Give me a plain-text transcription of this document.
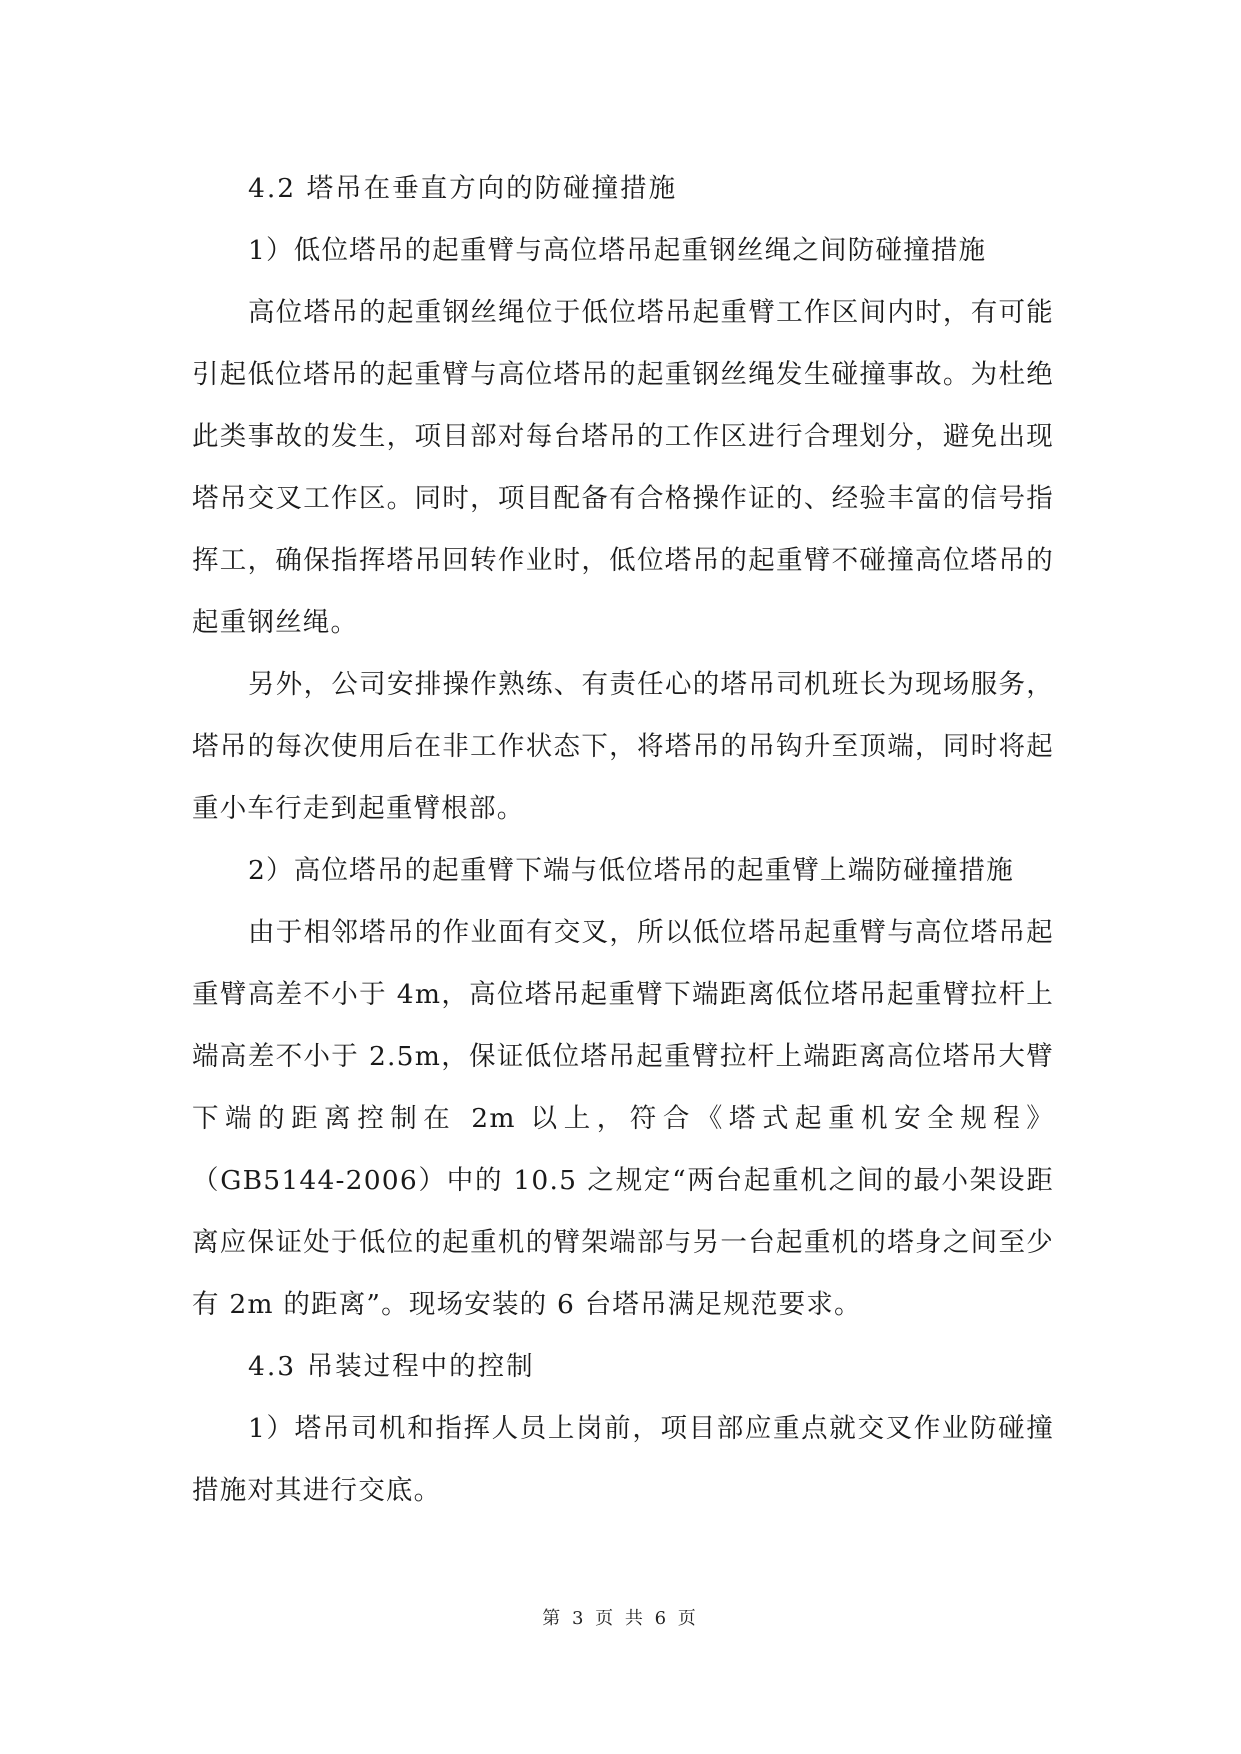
4.2 塔吊在垂直方向的防碰撞措施

1）低位塔吊的起重臂与高位塔吊起重钢丝绳之间防碰撞措施

高位塔吊的起重钢丝绳位于低位塔吊起重臂工作区间内时，有可能引起低位塔吊的起重臂与高位塔吊的起重钢丝绳发生碰撞事故。为杜绝此类事故的发生，项目部对每台塔吊的工作区进行合理划分，避免出现塔吊交叉工作区。同时，项目配备有合格操作证的、经验丰富的信号指挥工，确保指挥塔吊回转作业时，低位塔吊的起重臂不碰撞高位塔吊的起重钢丝绳。

另外，公司安排操作熟练、有责任心的塔吊司机班长为现场服务，塔吊的每次使用后在非工作状态下，将塔吊的吊钩升至顶端，同时将起重小车行走到起重臂根部。

2）高位塔吊的起重臂下端与低位塔吊的起重臂上端防碰撞措施

由于相邻塔吊的作业面有交叉，所以低位塔吊起重臂与高位塔吊起重臂高差不小于 4m，高位塔吊起重臂下端距离低位塔吊起重臂拉杆上端高差不小于 2.5m，保证低位塔吊起重臂拉杆上端距离高位塔吊大臂下端的距离控制在 2m 以上，符合《塔式起重机安全规程》（GB5144-2006）中的 10.5 之规定“两台起重机之间的最小架设距离应保证处于低位的起重机的臂架端部与另一台起重机的塔身之间至少有 2m 的距离”。现场安装的 6 台塔吊满足规范要求。

4.3 吊装过程中的控制

1）塔吊司机和指挥人员上岗前，项目部应重点就交叉作业防碰撞措施对其进行交底。

第 3 页 共 6 页
